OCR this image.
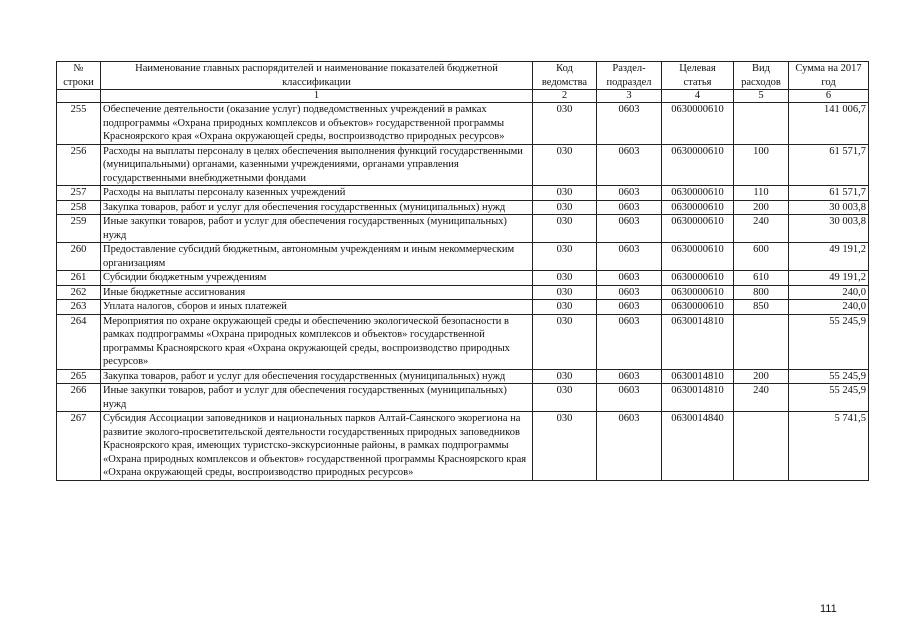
№ строки	Наименование главных распорядителей и наименование показателей бюджетной классификации	Код ведомства	Раздел-подраздел	Целевая статья	Вид расходов	Сумма на 2017 год
	1	2	3	4	5	6
255	Обеспечение деятельности (оказание услуг) подведомственных учреждений в рамках подпрограммы «Охрана природных комплексов и объектов» государственной программы Красноярского края «Охрана окружающей среды, воспроизводство природных ресурсов»	030	0603	0630000610		141 006,7
256	Расходы на выплаты персоналу в целях обеспечения выполнения функций государственными (муниципальными) органами, казенными учреждениями, органами управления государственными внебюджетными фондами	030	0603	0630000610	100	61 571,7
257	Расходы на выплаты персоналу казенных учреждений	030	0603	0630000610	110	61 571,7
258	Закупка товаров, работ и услуг для обеспечения государственных (муниципальных) нужд	030	0603	0630000610	200	30 003,8
259	Иные закупки товаров, работ и услуг для обеспечения государственных (муниципальных) нужд	030	0603	0630000610	240	30 003,8
260	Предоставление субсидий бюджетным, автономным учреждениям и иным некоммерческим организациям	030	0603	0630000610	600	49 191,2
261	Субсидии бюджетным учреждениям	030	0603	0630000610	610	49 191,2
262	Иные бюджетные ассигнования	030	0603	0630000610	800	240,0
263	Уплата налогов, сборов и иных платежей	030	0603	0630000610	850	240,0
264	Мероприятия по охране окружающей среды и обеспечению экологической безопасности в рамках подпрограммы «Охрана природных комплексов и объектов» государственной программы Красноярского края «Охрана окружающей среды, воспроизводство природных ресурсов»	030	0603	0630014810		55 245,9
265	Закупка товаров, работ и услуг для обеспечения государственных (муниципальных) нужд	030	0603	0630014810	200	55 245,9
266	Иные закупки товаров, работ и услуг для обеспечения государственных (муниципальных) нужд	030	0603	0630014810	240	55 245,9
267	Субсидия Ассоциации заповедников и национальных парков Алтай-Саянского экорегиона на развитие эколого-просветительской деятельности государственных природных заповедников Красноярского края, имеющих туристско-экскурсионные районы, в рамках подпрограммы «Охрана природных комплексов и объектов» государственной программы Красноярского края «Охрана окружающей среды, воспроизводство природных ресурсов»	030	0603	0630014840		5 741,5
111
